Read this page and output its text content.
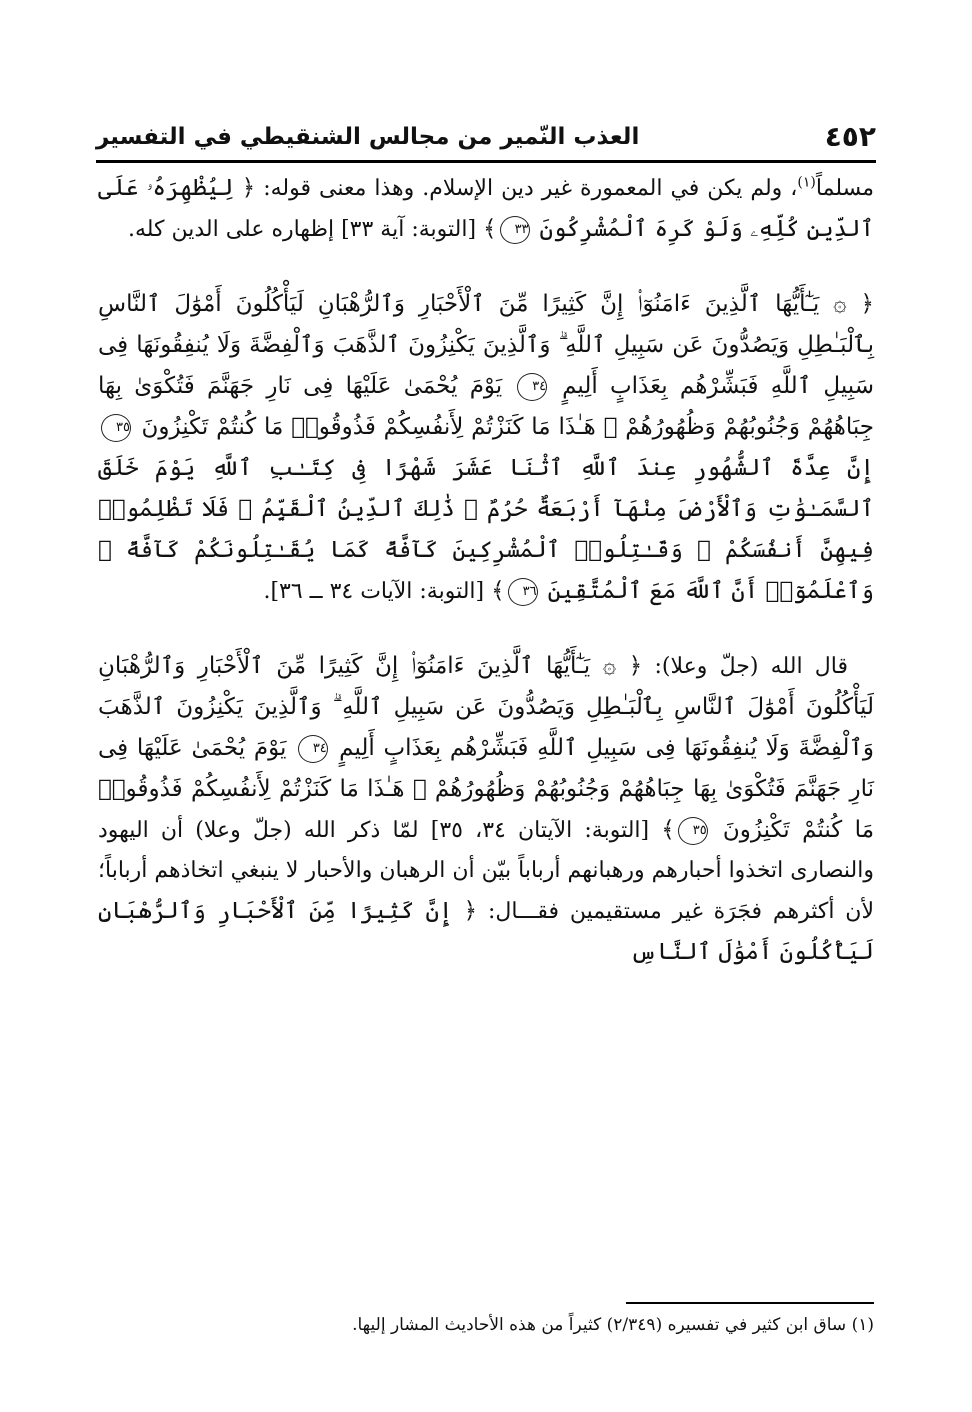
٤٥٢
العذب النّمير من مجالس الشنقيطي في التفسير

مسلماً$^{(١)}$، ولم يكن في المعمورة غير دين الإسلام. وهذا معنى قوله: ﴿ لِيُظْهِرَهُۥ عَلَى ٱلدِّينِ كُلِّهِۦ وَلَوْ كَرِهَ ٱلْمُشْرِكُونَ ٣٣﴾ [التوبة: آية ٣٣] إظهاره على الدين كله.

﴿ ۞ يَـٰٓأَيُّهَا ٱلَّذِينَ ءَامَنُوٓا۟ إِنَّ كَثِيرًا مِّنَ ٱلْأَحْبَارِ وَٱلرُّهْبَانِ لَيَأْكُلُونَ أَمْوَٰلَ ٱلنَّاسِ بِٱلْبَـٰطِلِ وَيَصُدُّونَ عَن سَبِيلِ ٱللَّهِ ۗ وَٱلَّذِينَ يَكْنِزُونَ ٱلذَّهَبَ وَٱلْفِضَّةَ وَلَا يُنفِقُونَهَا فِى سَبِيلِ ٱللَّهِ فَبَشِّرْهُم بِعَذَابٍ أَلِيمٍ ٣٤ يَوْمَ يُحْمَىٰ عَلَيْهَا فِى نَارِ جَهَنَّمَ فَتُكْوَىٰ بِهَا جِبَاهُهُمْ وَجُنُوبُهُمْ وَظُهُورُهُمْ ۖ هَـٰذَا مَا كَنَزْتُمْ لِأَنفُسِكُمْ فَذُوقُوا۟ مَا كُنتُمْ تَكْنِزُونَ ٣٥ إِنَّ عِدَّةَ ٱلشُّهُورِ عِندَ ٱللَّهِ ٱثْنَا عَشَرَ شَهْرًا فِى كِتَـٰبِ ٱللَّهِ يَوْمَ خَلَقَ ٱلسَّمَـٰوَٰتِ وَٱلْأَرْضَ مِنْهَآ أَرْبَعَةٌ حُرُمٌ ۚ ذَٰلِكَ ٱلدِّينُ ٱلْقَيِّمُ ۚ فَلَا تَظْلِمُوا۟ فِيهِنَّ أَنفُسَكُمْ ۚ وَقَـٰتِلُوا۟ ٱلْمُشْرِكِينَ كَآفَّةً كَمَا يُقَـٰتِلُونَكُمْ كَآفَّةً ۚ وَٱعْلَمُوٓا۟ أَنَّ ٱللَّهَ مَعَ ٱلْمُتَّقِينَ ٣٦﴾ [التوبة: الآيات ٣٤ ــ ٣٦].

قال الله (جلّ وعلا): ﴿ ۞ يَـٰٓأَيُّهَا ٱلَّذِينَ ءَامَنُوٓا۟ إِنَّ كَثِيرًا مِّنَ ٱلْأَحْبَارِ وَٱلرُّهْبَانِ لَيَأْكُلُونَ أَمْوَٰلَ ٱلنَّاسِ بِٱلْبَـٰطِلِ وَيَصُدُّونَ عَن سَبِيلِ ٱللَّهِ ۗ وَٱلَّذِينَ يَكْنِزُونَ ٱلذَّهَبَ وَٱلْفِضَّةَ وَلَا يُنفِقُونَهَا فِى سَبِيلِ ٱللَّهِ فَبَشِّرْهُم بِعَذَابٍ أَلِيمٍ ٣٤ يَوْمَ يُحْمَىٰ عَلَيْهَا فِى نَارِ جَهَنَّمَ فَتُكْوَىٰ بِهَا جِبَاهُهُمْ وَجُنُوبُهُمْ وَظُهُورُهُمْ ۖ هَـٰذَا مَا كَنَزْتُمْ لِأَنفُسِكُمْ فَذُوقُوا۟ مَا كُنتُمْ تَكْنِزُونَ ٣٥﴾ [التوبة: الآيتان ٣٤، ٣٥] لمّا ذكر الله (جلّ وعلا) أن اليهود والنصارى اتخذوا أحبارهم ورهبانهم أرباباً بيّن أن الرهبان والأحبار لا ينبغي اتخاذهم أرباباً؛ لأن أكثرهم فجَرَة غير مستقيمين فقـــال: ﴿ إِنَّ كَثِيرًا مِّنَ ٱلْأَحْبَارِ وَٱلرُّهْبَانِ لَيَأْكُلُونَ أَمْوَٰلَ ٱلنَّاسِ

(١) ساق ابن كثير في تفسيره (٢/٣٤٩) كثيراً من هذه الأحاديث المشار إليها.
